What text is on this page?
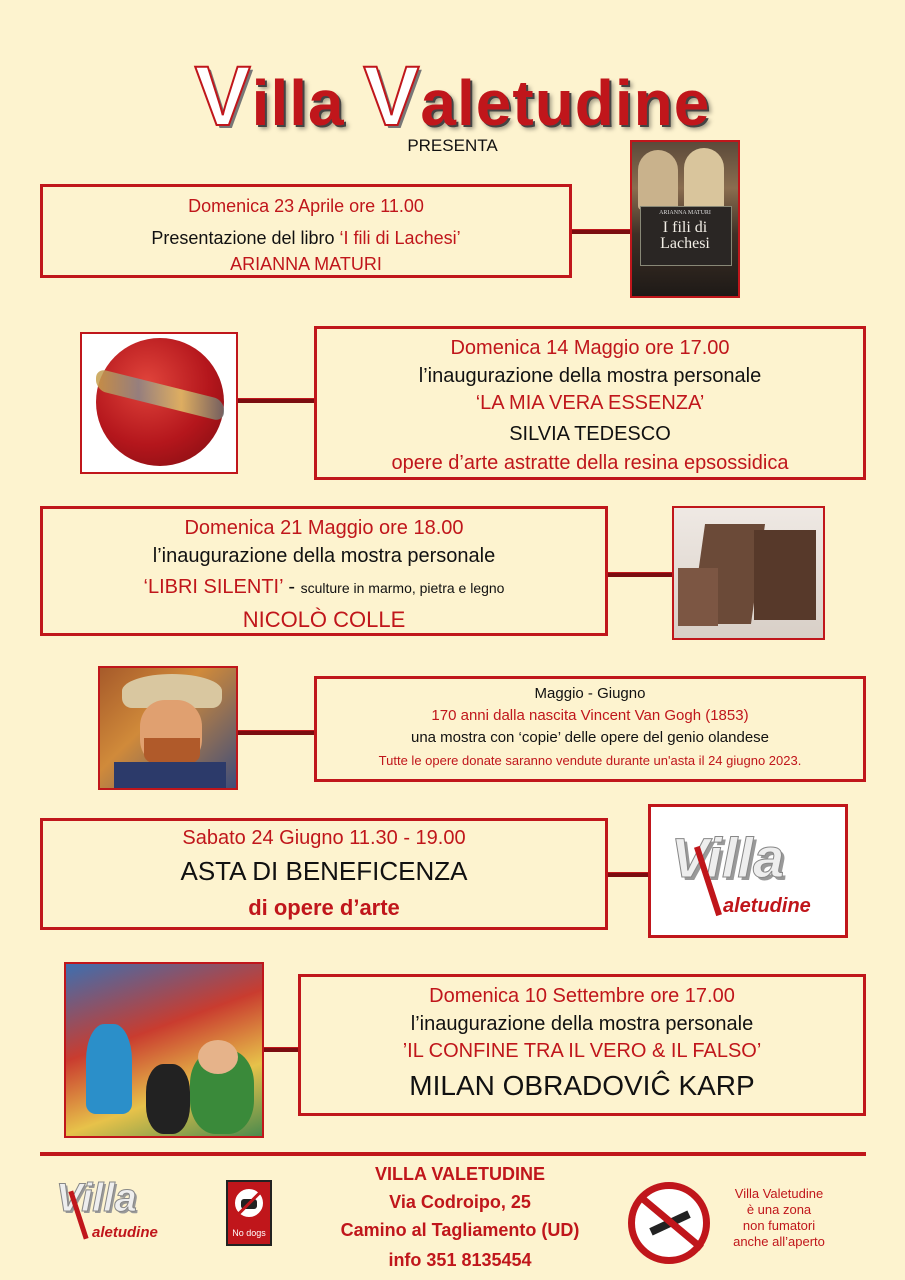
Villa Valetudine
PRESENTA
Domenica 23 Aprile ore 11.00
Presentazione del libro ‘I fili di Lachesi’
ARIANNA MATURI
ARIANNA MATURI
I fili di Lachesi
Domenica 14 Maggio ore 17.00
l’inaugurazione della mostra personale
‘LA MIA VERA ESSENZA’
SILVIA TEDESCO
opere d’arte astratte della resina epsossidica
Domenica 21 Maggio ore 18.00
l’inaugurazione della mostra personale
‘LIBRI SILENTI’ - sculture in marmo, pietra e legno
NICOLÒ COLLE
Maggio - Giugno
170 anni dalla nascita Vincent Van Gogh (1853)
una mostra con ‘copie’ delle opere del genio olandese
Tutte le opere donate saranno vendute durante un'asta il 24 giugno 2023.
Sabato 24 Giugno 11.30 - 19.00
ASTA DI BENEFICENZA
di opere d’arte
Villa
aletudine
Domenica 10 Settembre ore 17.00
l’inaugurazione della mostra personale
’IL CONFINE TRA IL VERO & IL FALSO’
MILAN OBRADOVIĈ KARP
Villa
aletudine	No dogs
VILLA VALETUDINE
Via Codroipo, 25
Camino al Tagliamento (UD)
info 351 8135454
Villa Valetudine
è una zona
non fumatori
anche all’aperto
